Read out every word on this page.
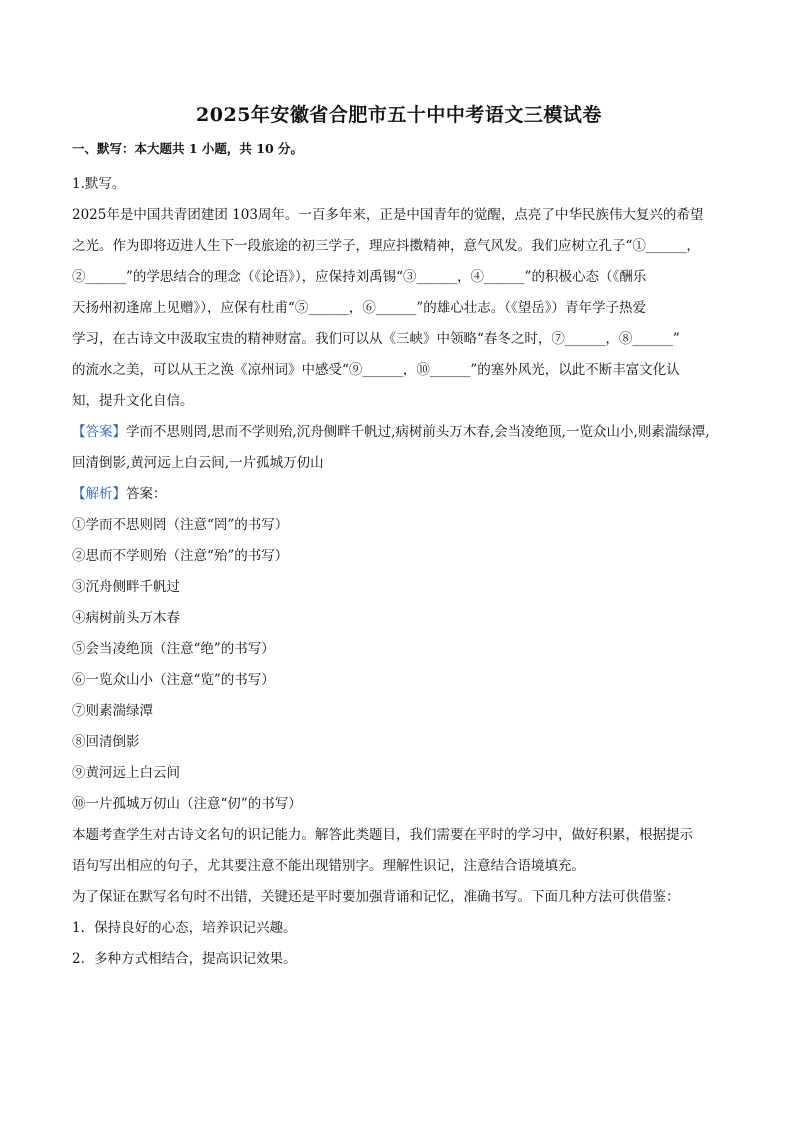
2025年安徽省合肥市五十中中考语文三模试卷
一、默写：本大题共 1 小题，共 10 分。

1.默写。

2025年是中国共青团建团 103周年。一百多年来，正是中国青年的觉醒，点亮了中华民族伟大复兴的希望

之光。作为即将迈进人生下一段旅途的初三学子，理应抖擞精神，意气风发。我们应树立孔子“①______，

②______”的学思结合的理念（《论语》），应保持刘禹锡“③______，④______”的积极心态（《酬乐

天扬州初逢席上见赠》），应保有杜甫“⑤______，⑥______”的雄心壮志。（《望岳》）青年学子热爱

学习，在古诗文中汲取宝贵的精神财富。我们可以从《三峡》中领略“春冬之时，⑦______，⑧______”

的流水之美，可以从王之涣《凉州词》中感受“⑨______，⑩______”的塞外风光，以此不断丰富文化认

知，提升文化自信。

【答案】学而不思则罔,思而不学则殆,沉舟侧畔千帆过,病树前头万木春,会当凌绝顶,一览众山小,则素湍绿潭,

回清倒影,黄河远上白云间,一片孤城万仞山

【解析】答案：

①学而不思则罔（注意“罔”的书写）

②思而不学则殆（注意“殆”的书写）

③沉舟侧畔千帆过

④病树前头万木春

⑤会当凌绝顶（注意“绝”的书写）

⑥一览众山小（注意“览”的书写）

⑦则素湍绿潭

⑧回清倒影

⑨黄河远上白云间

⑩一片孤城万仞山（注意“仞”的书写）

本题考查学生对古诗文名句的识记能力。解答此类题目，我们需要在平时的学习中，做好积累，根据提示

语句写出相应的句子，尤其要注意不能出现错别字。理解性识记，注意结合语境填充。

为了保证在默写名句时不出错，关键还是平时要加强背诵和记忆，准确书写。下面几种方法可供借鉴：

1．保持良好的心态，培养识记兴趣。

2．多种方式相结合，提高识记效果。
